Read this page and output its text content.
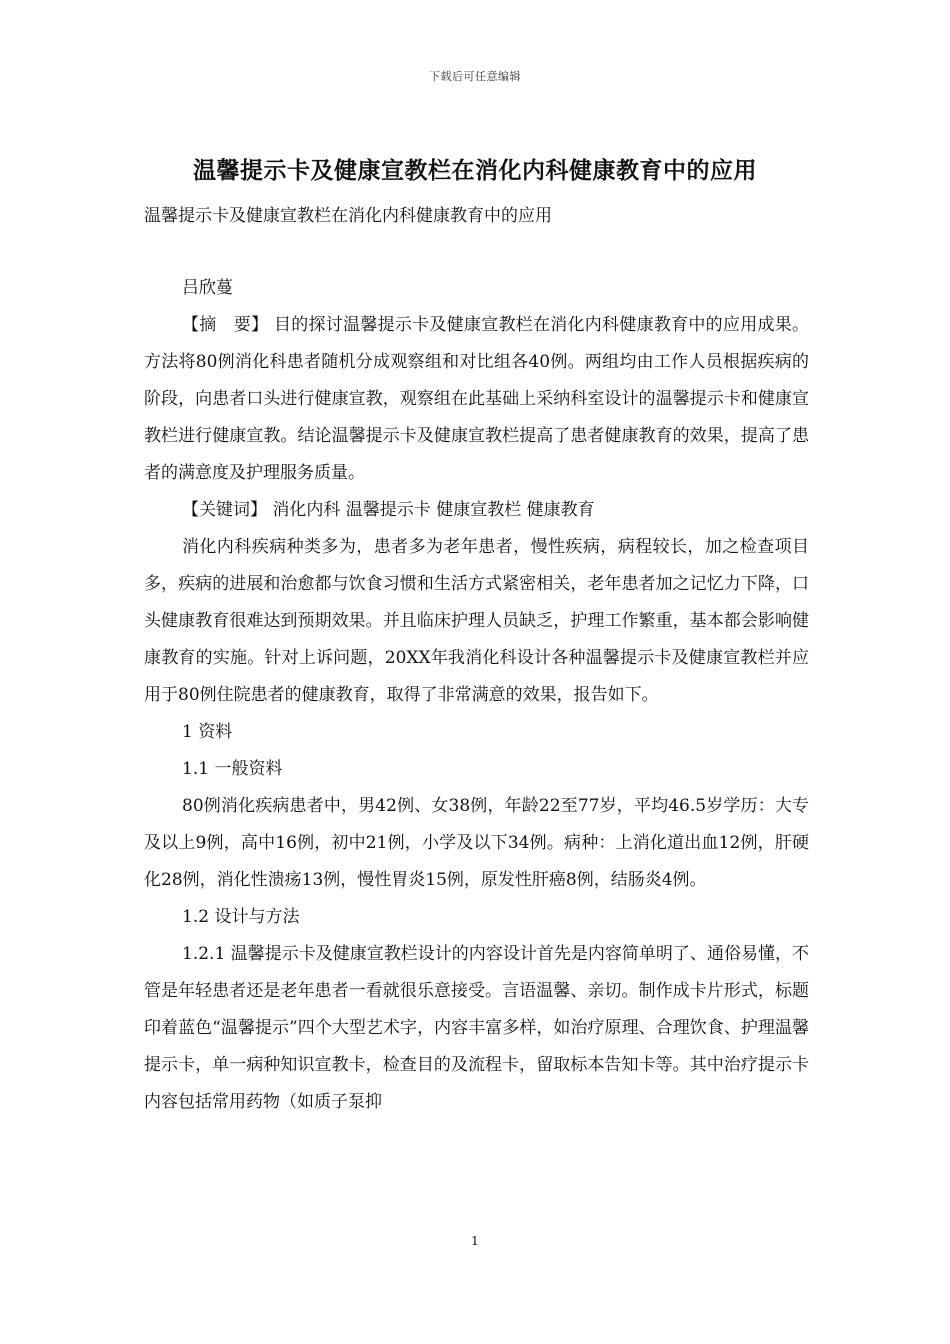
下载后可任意编辑
温馨提示卡及健康宣教栏在消化内科健康教育中的应用
温馨提示卡及健康宣教栏在消化内科健康教育中的应用

吕欣蔓

【摘　要】 目的探讨温馨提示卡及健康宣教栏在消化内科健康教育中的应用成果。方法将80例消化科患者随机分成观察组和对比组各40例。两组均由工作人员根据疾病的阶段，向患者口头进行健康宣教，观察组在此基础上采纳科室设计的温馨提示卡和健康宣教栏进行健康宣教。结论温馨提示卡及健康宣教栏提高了患者健康教育的效果，提高了患者的满意度及护理服务质量。

【关键词】 消化内科 温馨提示卡 健康宣教栏 健康教育

消化内科疾病种类多为，患者多为老年患者，慢性疾病，病程较长，加之检查项目多，疾病的进展和治愈都与饮食习惯和生活方式紧密相关，老年患者加之记忆力下降，口头健康教育很难达到预期效果。并且临床护理人员缺乏，护理工作繁重，基本都会影响健康教育的实施。针对上诉问题，20XX年我消化科设计各种温馨提示卡及健康宣教栏并应用于80例住院患者的健康教育，取得了非常满意的效果，报告如下。

1 资料

1.1 一般资料

80例消化疾病患者中，男42例、女38例，年龄22至77岁，平均46.5岁学历：大专及以上9例，高中16例，初中21例，小学及以下34例。病种：上消化道出血12例，肝硬化28例，消化性溃疡13例，慢性胃炎15例，原发性肝癌8例，结肠炎4例。

1.2 设计与方法

1.2.1 温馨提示卡及健康宣教栏设计的内容设计首先是内容简单明了、通俗易懂，不管是年轻患者还是老年患者一看就很乐意接受。言语温馨、亲切。制作成卡片形式，标题印着蓝色“温馨提示”四个大型艺术字，内容丰富多样，如治疗原理、合理饮食、护理温馨提示卡，单一病种知识宣教卡，检查目的及流程卡，留取标本告知卡等。其中治疗提示卡内容包括常用药物（如质子泵抑

1
